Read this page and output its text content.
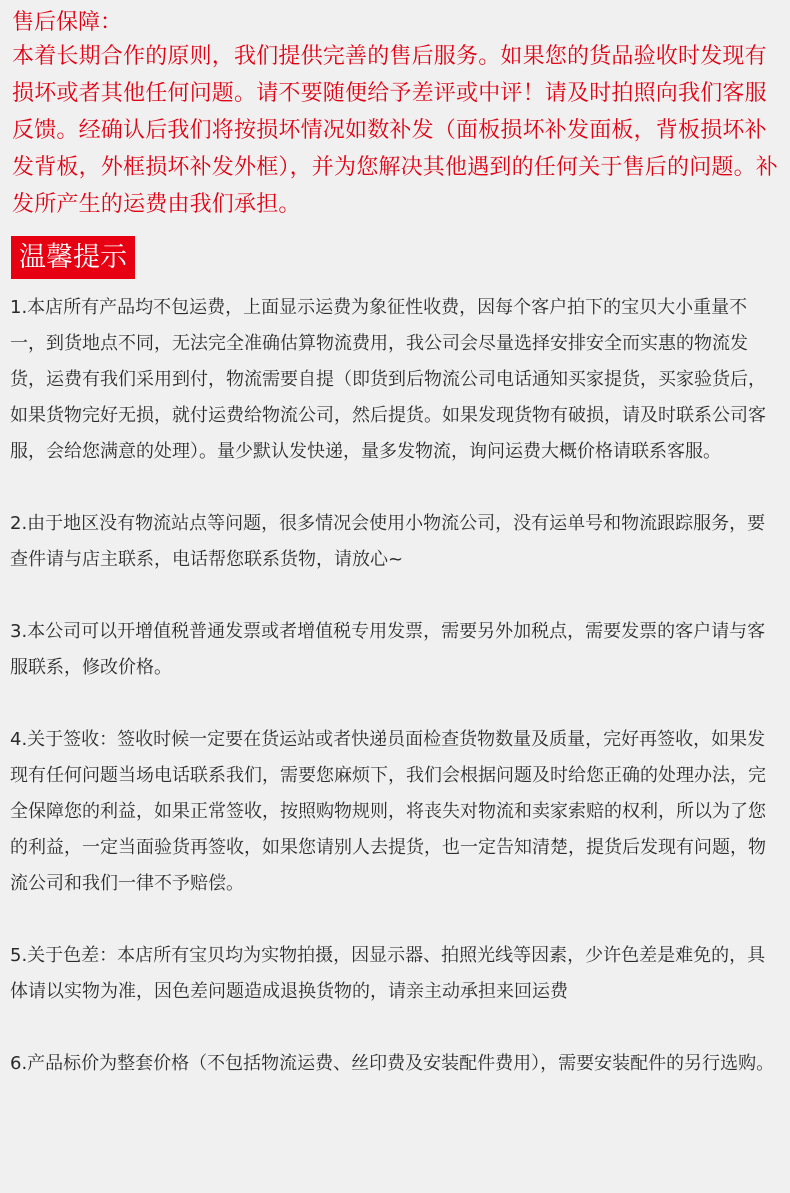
售后保障：

本着长期合作的原则，我们提供完善的售后服务。如果您的货品验收时发现有损坏或者其他任何问题。请不要随便给予差评或中评！请及时拍照向我们客服反馈。经确认后我们将按损坏情况如数补发（面板损坏补发面板，背板损坏补发背板，外框损坏补发外框），并为您解决其他遇到的任何关于售后的问题。补发所产生的运费由我们承担。

温馨提示

1.本店所有产品均不包运费，上面显示运费为象征性收费，因每个客户拍下的宝贝大小重量不一，到货地点不同，无法完全准确估算物流费用，我公司会尽量选择安排安全而实惠的物流发货，运费有我们采用到付，物流需要自提（即货到后物流公司电话通知买家提货，买家验货后，如果货物完好无损，就付运费给物流公司，然后提货。如果发现货物有破损，请及时联系公司客服，会给您满意的处理）。量少默认发快递，量多发物流，询问运费大概价格请联系客服。

2.由于地区没有物流站点等问题，很多情况会使用小物流公司，没有运单号和物流跟踪服务，要查件请与店主联系，电话帮您联系货物，请放心~

3.本公司可以开增值税普通发票或者增值税专用发票，需要另外加税点，需要发票的客户请与客服联系，修改价格。

4.关于签收：签收时候一定要在货运站或者快递员面检查货物数量及质量，完好再签收，如果发现有任何问题当场电话联系我们，需要您麻烦下，我们会根据问题及时给您正确的处理办法，完全保障您的利益，如果正常签收，按照购物规则，将丧失对物流和卖家索赔的权利，所以为了您的利益，一定当面验货再签收，如果您请别人去提货，也一定告知清楚，提货后发现有问题，物流公司和我们一律不予赔偿。

5.关于色差：本店所有宝贝均为实物拍摄，因显示器、拍照光线等因素，少许色差是难免的，具体请以实物为准，因色差问题造成退换货物的，请亲主动承担来回运费

6.产品标价为整套价格（不包括物流运费、丝印费及安装配件费用），需要安装配件的另行选购。
